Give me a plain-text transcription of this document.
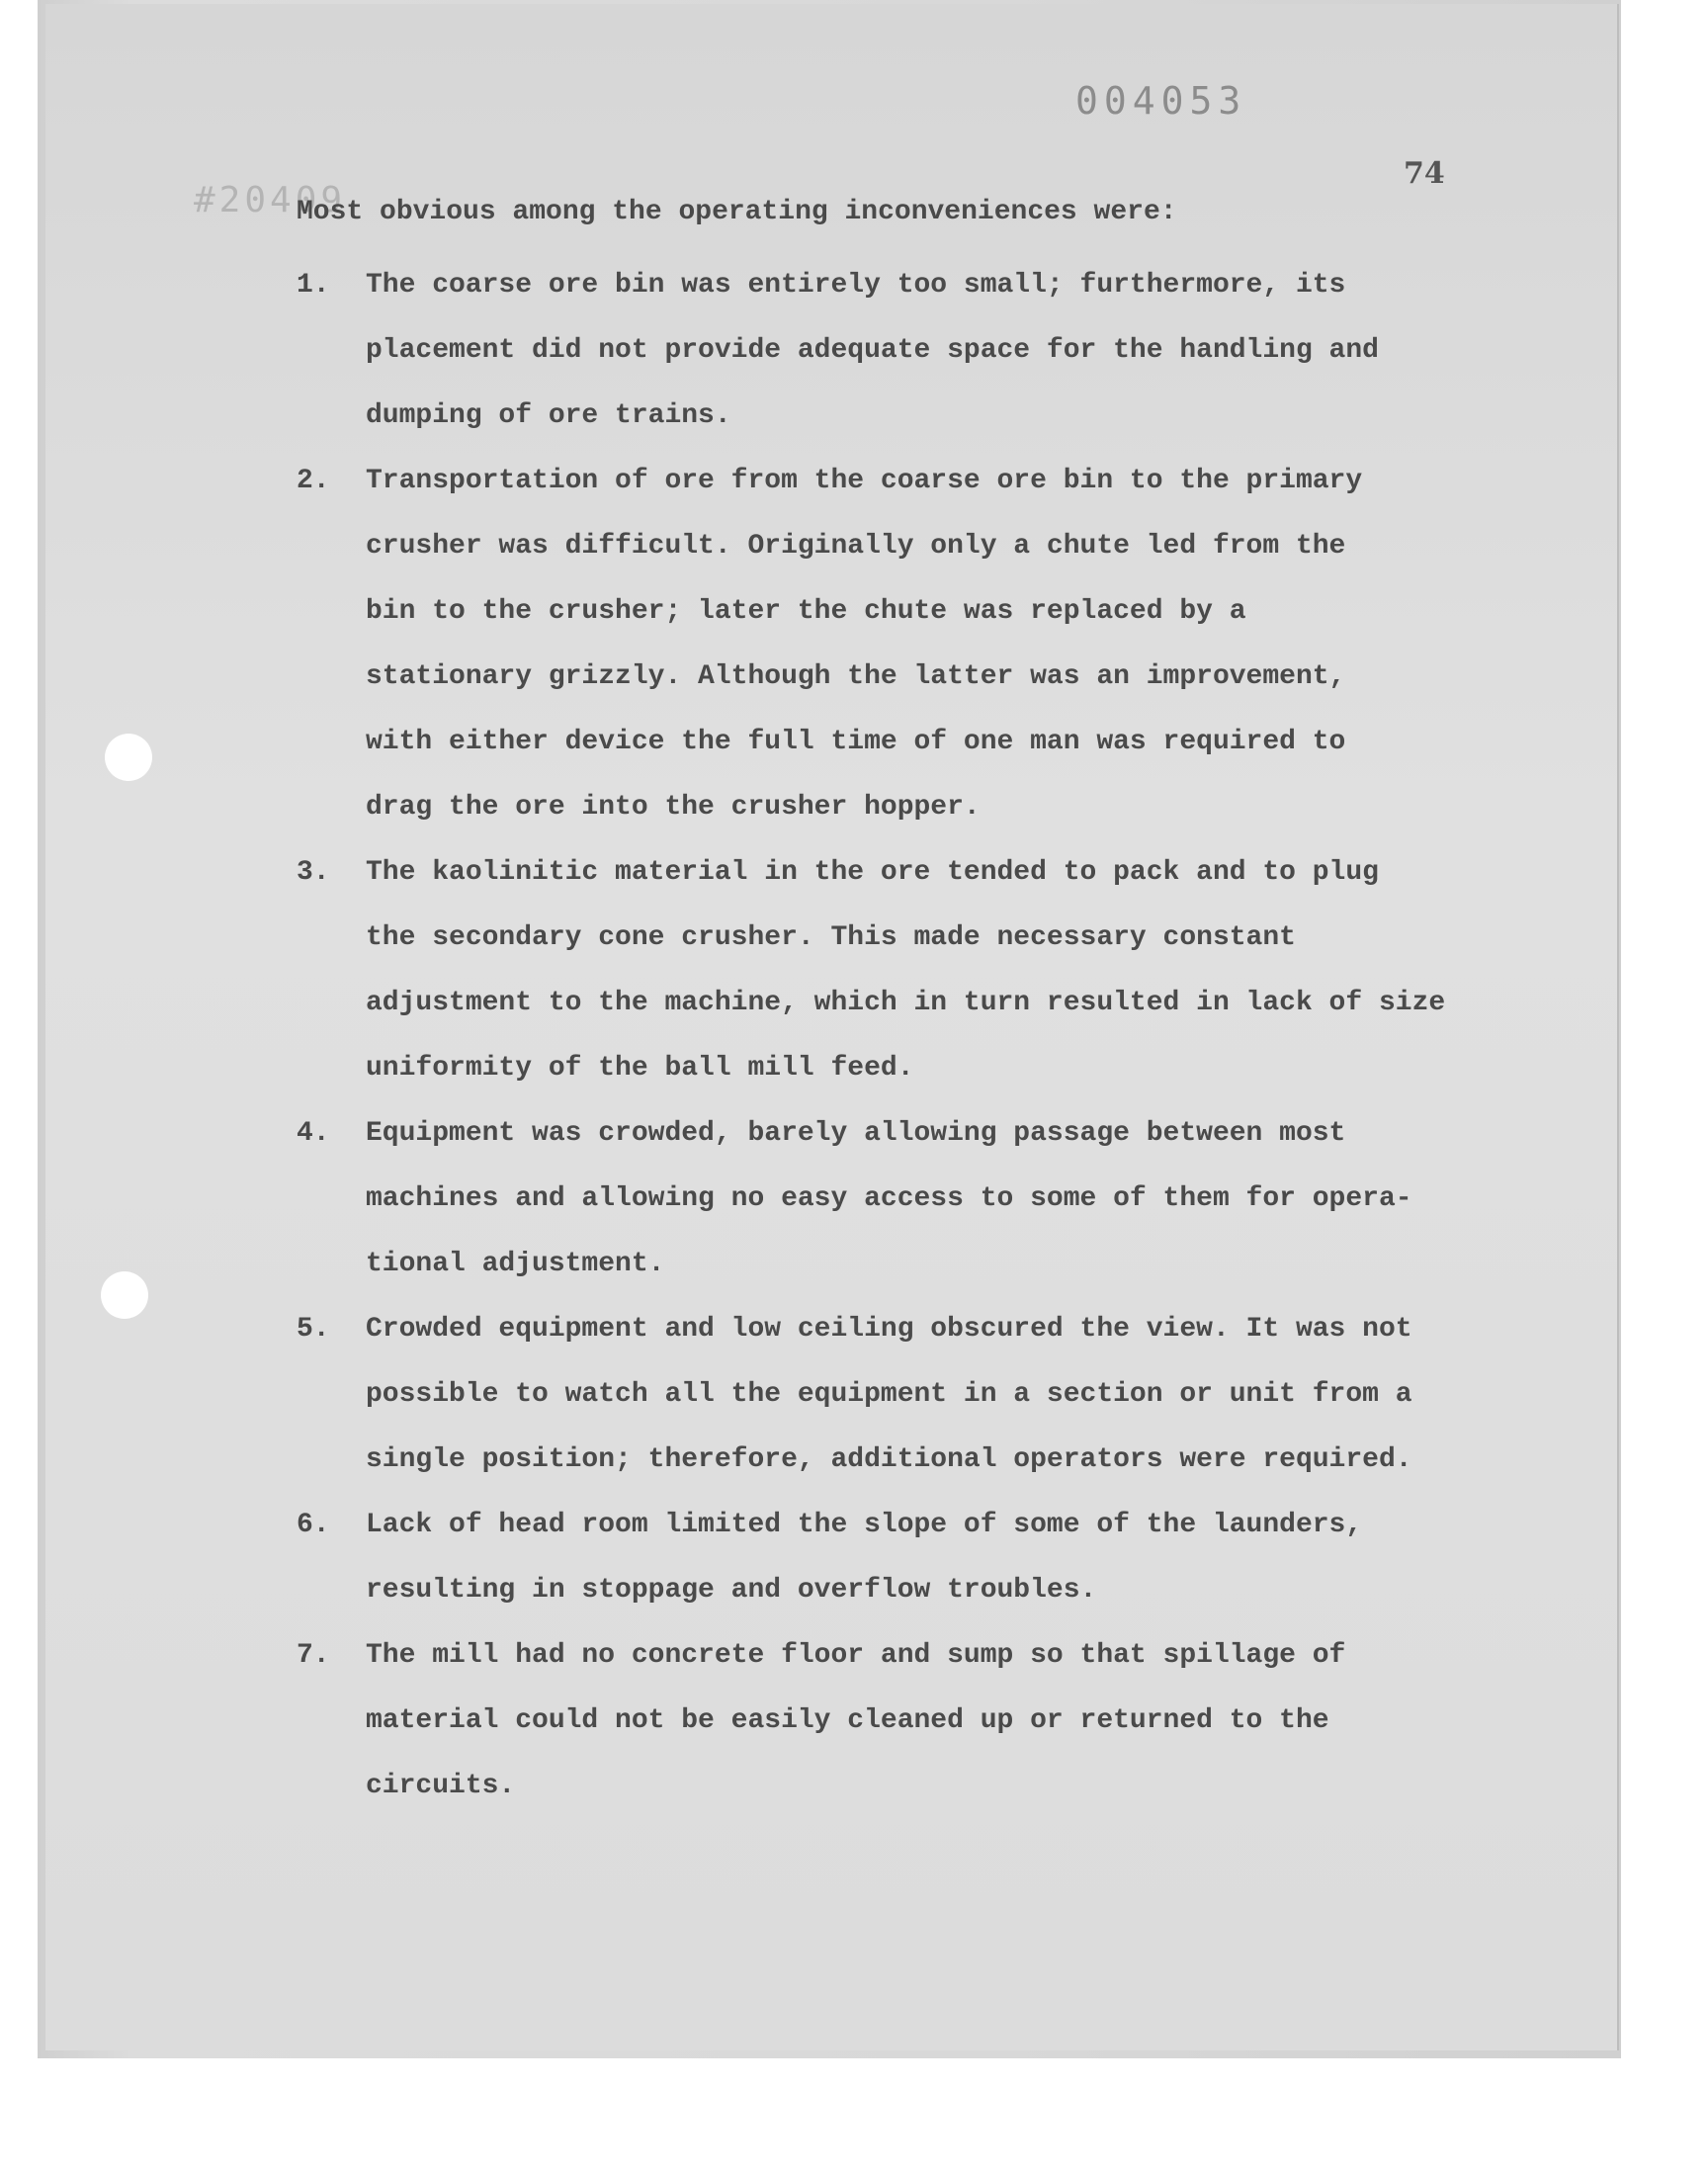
004053
#20409
74
Most obvious among the operating inconveniences were:
1. The coarse ore bin was entirely too small; furthermore, its
placement did not provide adequate space for the handling and
dumping of ore trains.
2. Transportation of ore from the coarse ore bin to the primary
crusher was difficult. Originally only a chute led from the
bin to the crusher; later the chute was replaced by a
stationary grizzly. Although the latter was an improvement,
with either device the full time of one man was required to
drag the ore into the crusher hopper.
3. The kaolinitic material in the ore tended to pack and to plug
the secondary cone crusher. This made necessary constant
adjustment to the machine, which in turn resulted in lack of size
uniformity of the ball mill feed.
4. Equipment was crowded, barely allowing passage between most
machines and allowing no easy access to some of them for opera-
tional adjustment.
5. Crowded equipment and low ceiling obscured the view. It was not
possible to watch all the equipment in a section or unit from a
single position; therefore, additional operators were required.
6. Lack of head room limited the slope of some of the launders,
resulting in stoppage and overflow troubles.
7. The mill had no concrete floor and sump so that spillage of
material could not be easily cleaned up or returned to the
circuits.
